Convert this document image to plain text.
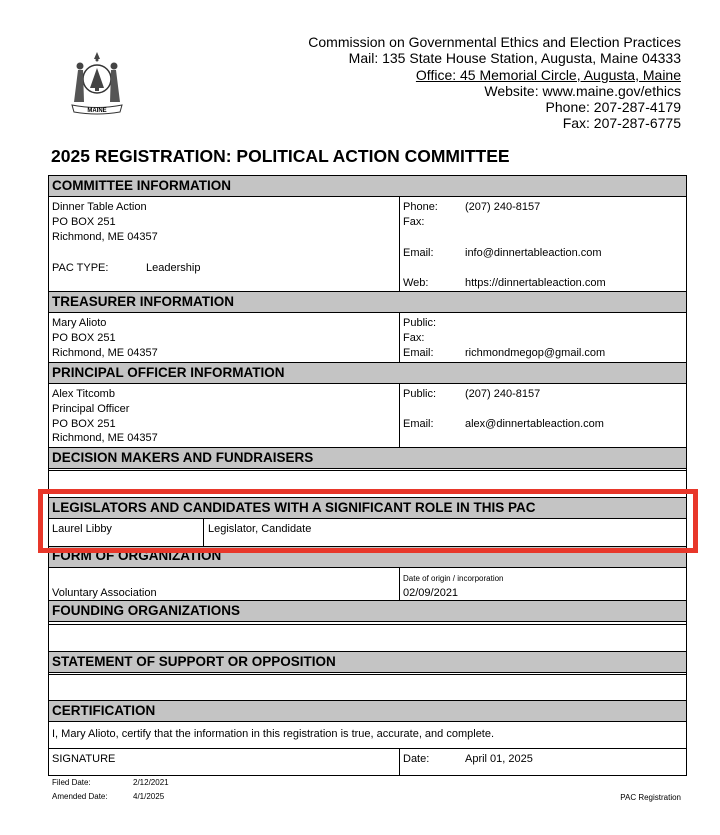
MAINE
Commission on Governmental Ethics and Election Practices
Mail: 135 State House Station, Augusta, Maine 04333
Office: 45 Memorial Circle, Augusta, Maine
Website: www.maine.gov/ethics
Phone: 207-287-4179
Fax: 207-287-6775
2025 REGISTRATION: POLITICAL ACTION COMMITTEE
COMMITTEE INFORMATION
Dinner Table Action
PO BOX 251
Richmond, ME 04357
PAC TYPE:	Leadership
Phone: (207) 240-8157
Fax:
Email:	info@dinnertableaction.com
Web:	https://dinnertableaction.com
TREASURER INFORMATION
Mary Alioto
PO BOX 251
Richmond, ME 04357
Public:
Fax:
Email:	richmondmegop@gmail.com
PRINCIPAL OFFICER INFORMATION
Alex Titcomb
Principal Officer
PO BOX 251
Richmond, ME 04357
Public:	(207) 240-8157
Email:	alex@dinnertableaction.com
DECISION MAKERS AND FUNDRAISERS
LEGISLATORS AND CANDIDATES WITH A SIGNIFICANT ROLE IN THIS PAC
Laurel Libby	Legislator, Candidate
FORM OF ORGANIZATION
Voluntary Association
Date of origin / incorporation
02/09/2021
FOUNDING ORGANIZATIONS
STATEMENT OF SUPPORT OR OPPOSITION
CERTIFICATION
I, Mary Alioto, certify that the information in this registration is true, accurate, and complete.
SIGNATURE	Date:	April 01, 2025
Filed Date:	2/12/2021
Amended Date:	4/1/2025	PAC Registration
